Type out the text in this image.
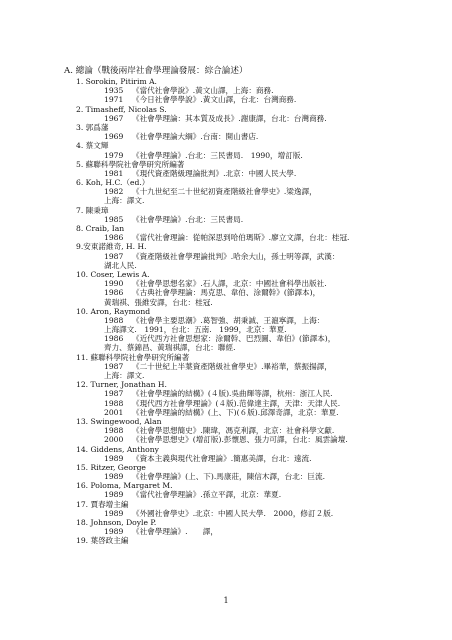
A. 總論（戰後兩岸社會學理論發展：綜合論述）
1. Sorokin, Pitirim A.
1935 《當代社會學說》.黃文山譯，上海：商務.
1971 《今日社會學學說》.黃文山譯，台北：台灣商務.
2. Timasheff, Nicolas S.
1967 《社會學理論：其本質及成長》.謝康譯，台北：台灣商務.
3. 郭爲藩
1969 《社會學理論大綱》.台南：開山書店.
4. 蔡文輝
1979 《社會學理論》.台北：三民書局.　1990，增訂版.
5. 蘇聯科學院社會學研究所編著
1981 《現代資產階級理論批判》.北京：中國人民大學.
6. Koh, H.C.（ed.）
1982 《十九世紀至二十世紀初資產階級社會學史》.梁逸譯，
上海：譯文.
7. 陳秉璋
1985 《社會學理論》.台北：三民書局.
8. Craib, Ian
1986 《當代社會理論：從帕深思到哈伯瑪斯》.廖立文譯，台北：桂冠.
9.安東諾維奇, H. H.
1987 《資產階級社會學理論批判》.哈余大山，孫士明等譯，武漢：
湖北人民.
10. Coser, Lewis A.
1990 《社會學思想名家》.石人譯，北京：中國社會科學出版社.
1986 《古典社會學理論：馬克思、韋伯、涂爾幹》(節譯本)，
黃瑞祺、張維安譯，台北：桂冠.
10. Aron, Raymond
1988 《社會學主要思潮》.葛智強、胡秉誠、王滬寧譯，上海：
上海譯文.　1991，台北：五南.　1999，北京：華夏.
1986 《近代西方社會思想家：涂爾幹、巴烈圖、韋伯》(節譯本)，
齊力、蔡錦昌、黃瑞祺譯，台北：聯經.
11. 蘇聯科學院社會學研究所編著
1987 《二十世紀上半葉資產階級社會學史》.畢裕華，蔡振揚譯，
上海：譯文.
12. Turner, Jonathan H.
1987 《社會學理論的結構》(４版).吳曲輝等譯，杭州：浙江人民.
1988 《現代西方社會學理論》(４版).范偉達主譯，天津：天津人民.
2001 《社會學理論的結構》(上、下)(６版).邱澤奇譯，北京：華夏.
13. Swingewood, Alan
1988 《社會學思想簡史》.陳瑋，馮克利譯，北京：社會科學文獻.
2000 《社會學思想史》(增訂版).彭懷恩、張力可譯，台北：風雲論壇.
14. Giddens, Anthony
1989 《資本主義與現代社會理論》.簡惠美譯，台北：遠流.
15. Ritzer, George
1989 《社會學理論》(上、下).馬康莊，陳信木譯，台北：巨流.
16. Poloma, Margaret M.
1989 《當代社會學理論》.孫立平譯，北京：華夏.
17. 賈春增主編
1989 《外國社會學史》.北京：中國人民大學.　2000，修訂２版.
18. Johnson, Doyle P.
1989 《社會學理論》.　　譯，
19. 葉啓政主編
1
